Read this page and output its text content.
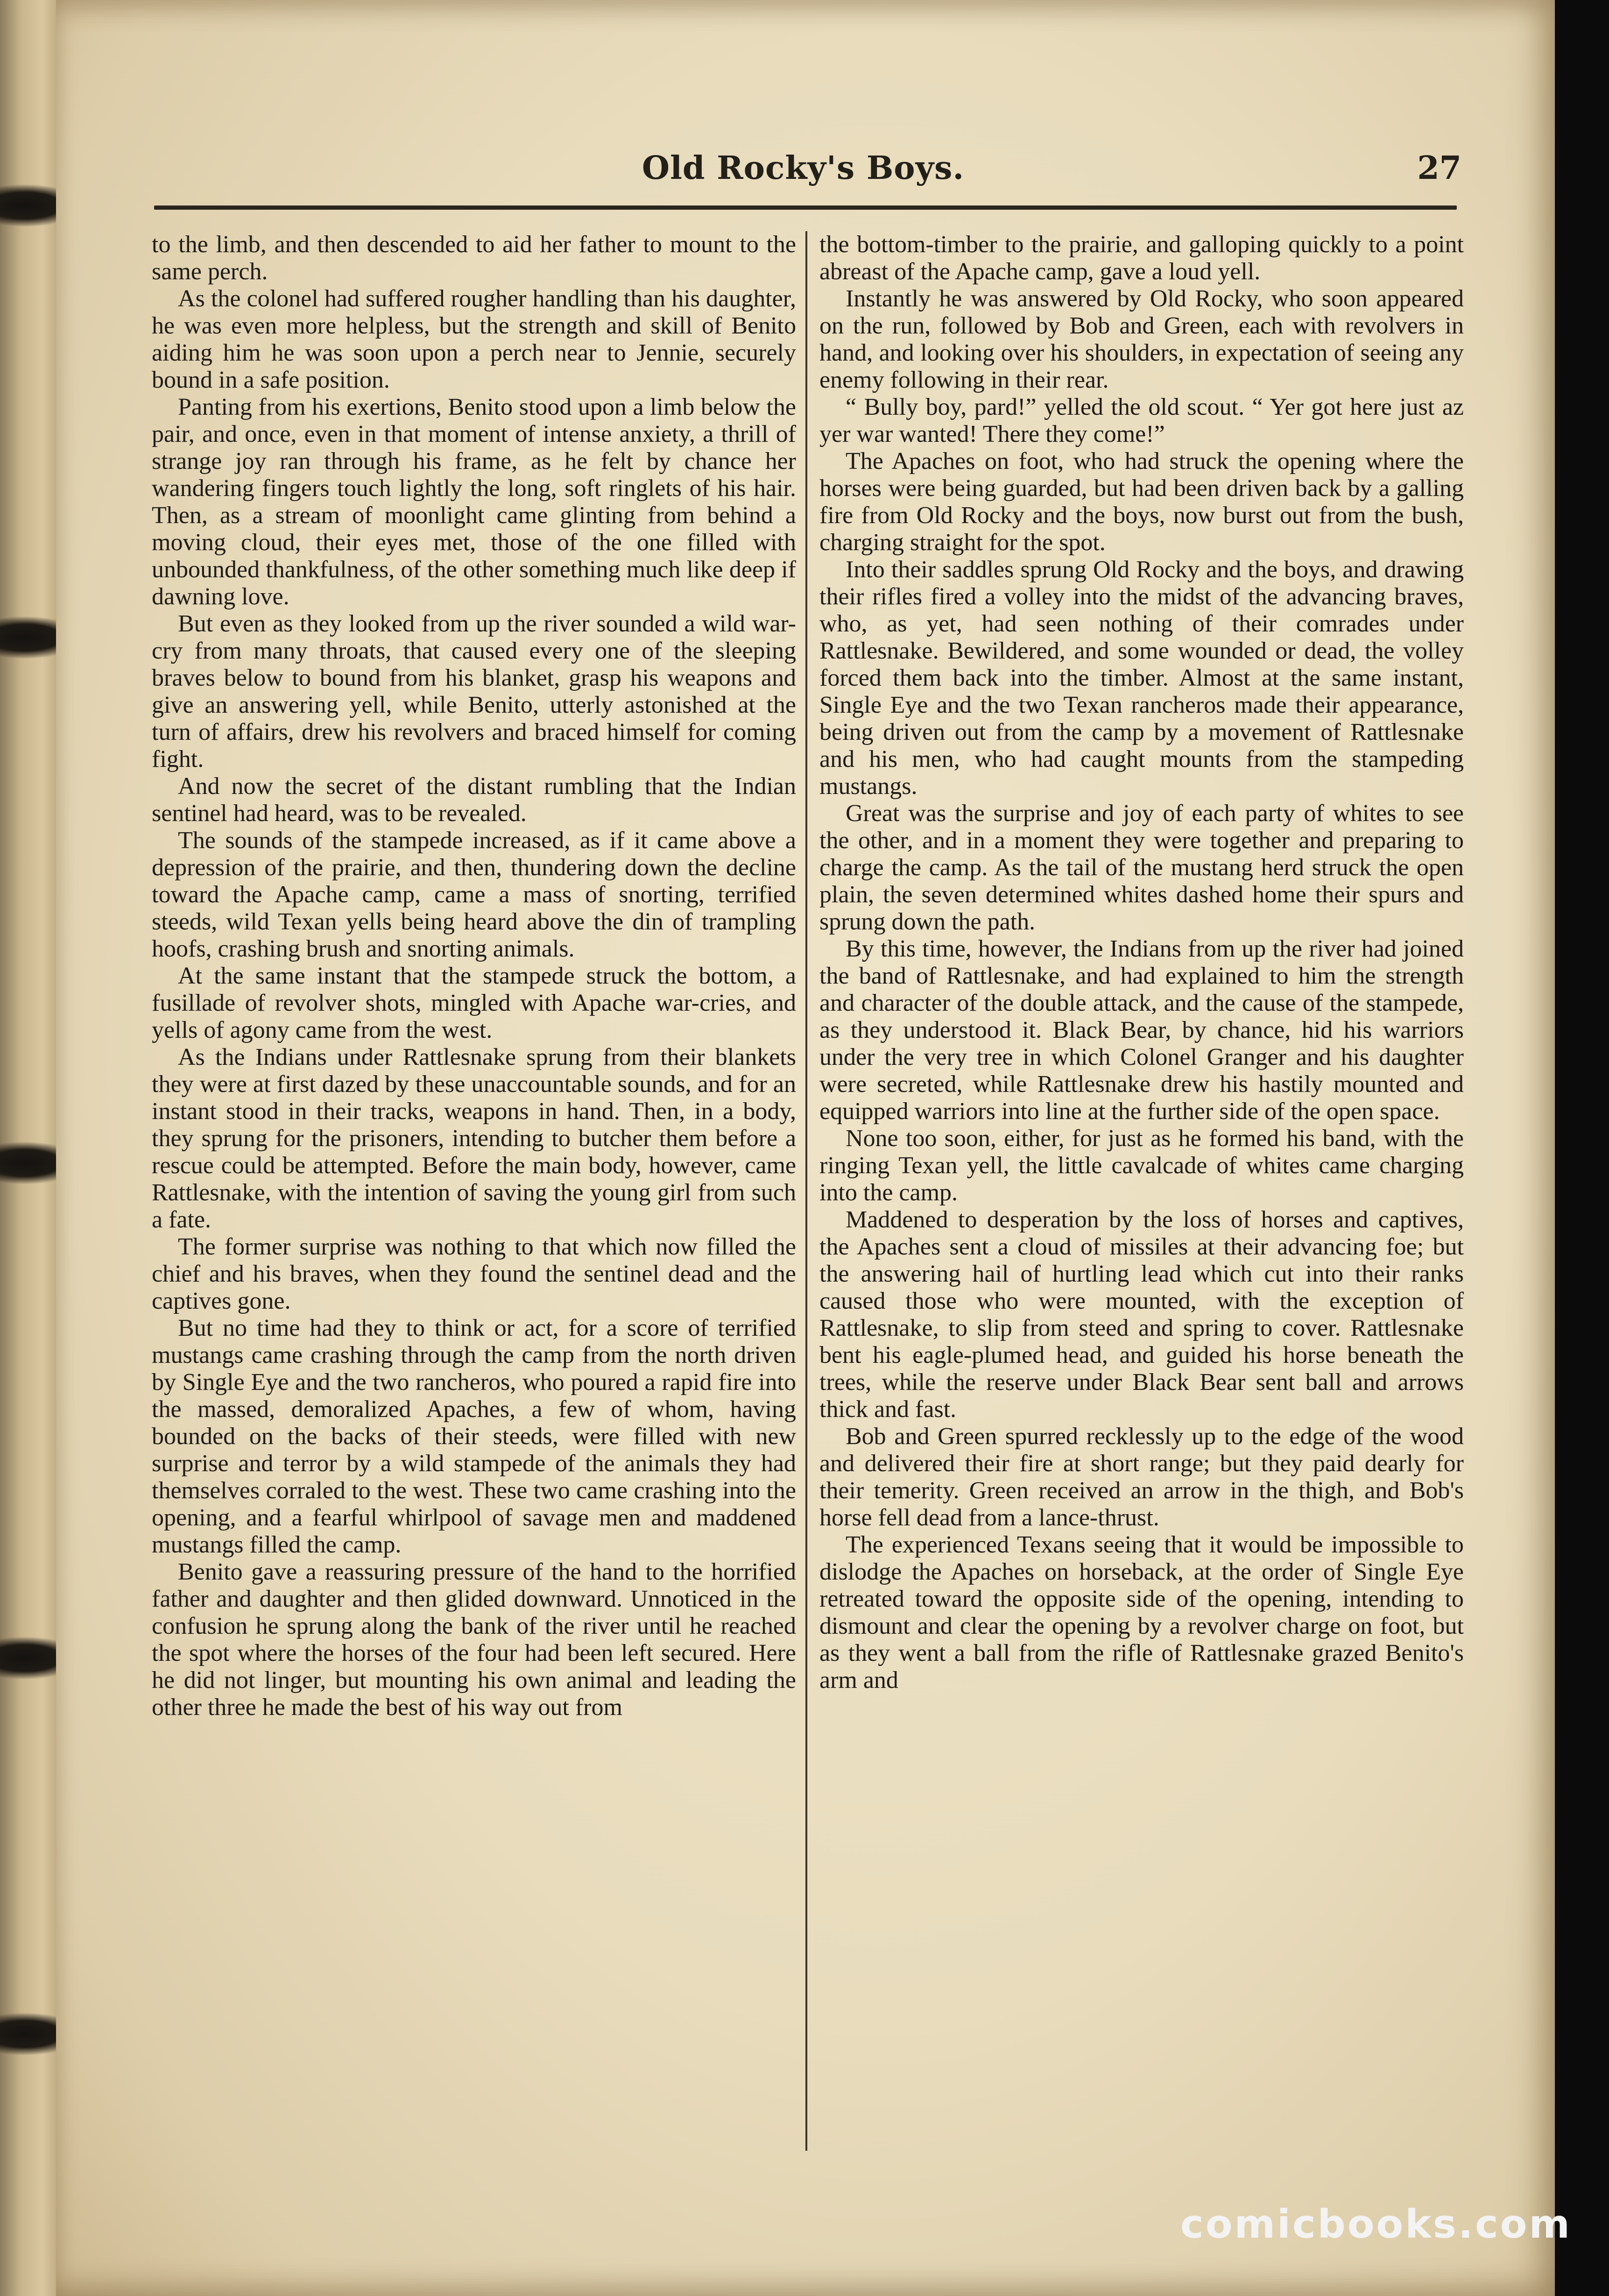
Old Rocky's Boys.	27

to the limb, and then descended to aid her father to mount to the same perch.

As the colonel had suffered rougher handling than his daughter, he was even more helpless, but the strength and skill of Benito aiding him he was soon upon a perch near to Jennie, securely bound in a safe position.

Panting from his exertions, Benito stood upon a limb below the pair, and once, even in that moment of intense anxiety, a thrill of strange joy ran through his frame, as he felt by chance her wandering fingers touch lightly the long, soft ringlets of his hair. Then, as a stream of moonlight came glinting from behind a moving cloud, their eyes met, those of the one filled with unbounded thankfulness, of the other something much like deep if dawning love.

But even as they looked from up the river sounded a wild war-cry from many throats, that caused every one of the sleeping braves below to bound from his blanket, grasp his weapons and give an answering yell, while Benito, utterly astonished at the turn of affairs, drew his revolvers and braced himself for coming fight.

And now the secret of the distant rumbling that the Indian sentinel had heard, was to be revealed.

The sounds of the stampede increased, as if it came above a depression of the prairie, and then, thundering down the decline toward the Apache camp, came a mass of snorting, terrified steeds, wild Texan yells being heard above the din of trampling hoofs, crashing brush and snorting animals.

At the same instant that the stampede struck the bottom, a fusillade of revolver shots, mingled with Apache war-cries, and yells of agony came from the west.

As the Indians under Rattlesnake sprung from their blankets they were at first dazed by these unaccountable sounds, and for an instant stood in their tracks, weapons in hand. Then, in a body, they sprung for the prisoners, intending to butcher them before a rescue could be attempted. Before the main body, however, came Rattlesnake, with the intention of saving the young girl from such a fate.

The former surprise was nothing to that which now filled the chief and his braves, when they found the sentinel dead and the captives gone.

But no time had they to think or act, for a score of terrified mustangs came crashing through the camp from the north driven by Single Eye and the two rancheros, who poured a rapid fire into the massed, demoralized Apaches, a few of whom, having bounded on the backs of their steeds, were filled with new surprise and terror by a wild stampede of the animals they had themselves corraled to the west. These two came crashing into the opening, and a fearful whirlpool of savage men and maddened mustangs filled the camp.

Benito gave a reassuring pressure of the hand to the horrified father and daughter and then glided downward. Unnoticed in the confusion he sprung along the bank of the river until he reached the spot where the horses of the four had been left secured. Here he did not linger, but mounting his own animal and leading the other three he made the best of his way out from

the bottom-timber to the prairie, and galloping quickly to a point abreast of the Apache camp, gave a loud yell.

Instantly he was answered by Old Rocky, who soon appeared on the run, followed by Bob and Green, each with revolvers in hand, and looking over his shoulders, in expectation of seeing any enemy following in their rear.

“ Bully boy, pard!” yelled the old scout. “ Yer got here just az yer war wanted! There they come!”

The Apaches on foot, who had struck the opening where the horses were being guarded, but had been driven back by a galling fire from Old Rocky and the boys, now burst out from the bush, charging straight for the spot.

Into their saddles sprung Old Rocky and the boys, and drawing their rifles fired a volley into the midst of the advancing braves, who, as yet, had seen nothing of their comrades under Rattlesnake. Bewildered, and some wounded or dead, the volley forced them back into the timber. Almost at the same instant, Single Eye and the two Texan rancheros made their appearance, being driven out from the camp by a movement of Rattlesnake and his men, who had caught mounts from the stampeding mustangs.

Great was the surprise and joy of each party of whites to see the other, and in a moment they were together and preparing to charge the camp. As the tail of the mustang herd struck the open plain, the seven determined whites dashed home their spurs and sprung down the path.

By this time, however, the Indians from up the river had joined the band of Rattlesnake, and had explained to him the strength and character of the double attack, and the cause of the stampede, as they understood it. Black Bear, by chance, hid his warriors under the very tree in which Colonel Granger and his daughter were secreted, while Rattlesnake drew his hastily mounted and equipped warriors into line at the further side of the open space.

None too soon, either, for just as he formed his band, with the ringing Texan yell, the little cavalcade of whites came charging into the camp.

Maddened to desperation by the loss of horses and captives, the Apaches sent a cloud of missiles at their advancing foe; but the answering hail of hurtling lead which cut into their ranks caused those who were mounted, with the exception of Rattlesnake, to slip from steed and spring to cover. Rattlesnake bent his eagle-plumed head, and guided his horse beneath the trees, while the reserve under Black Bear sent ball and arrows thick and fast.

Bob and Green spurred recklessly up to the edge of the wood and delivered their fire at short range; but they paid dearly for their temerity. Green received an arrow in the thigh, and Bob's horse fell dead from a lance-thrust.

The experienced Texans seeing that it would be impossible to dislodge the Apaches on horseback, at the order of Single Eye retreated toward the opposite side of the opening, intending to dismount and clear the opening by a revolver charge on foot, but as they went a ball from the rifle of Rattlesnake grazed Benito's arm and

comicbooks.com
